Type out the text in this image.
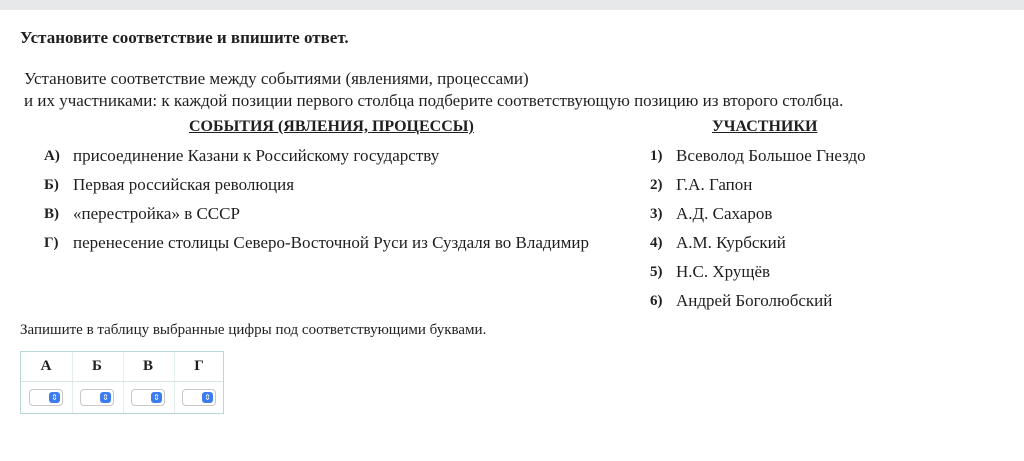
Установите соответствие и впишите ответ.
Установите соответствие между событиями (явлениями, процессами)
и их участниками: к каждой позиции первого столбца подберите соответствующую позицию из второго столбца.
СОБЫТИЯ (ЯВЛЕНИЯ, ПРОЦЕССЫ)	УЧАСТНИКИ
А) присоединение Казани к Российскому государству
Б) Первая российская революция
В) «перестройка» в СССР
Г) перенесение столицы Северо-Восточной Руси из Суздаля во Владимир
1) Всеволод Большое Гнездо
2) Г.А. Гапон
3) А.Д. Сахаров
4) А.М. Курбский
5) Н.С. Хрущёв
6) Андрей Боголюбский
Запишите в таблицу выбранные цифры под соответствующими буквами.
А	Б	В	Г
⇕	⇕	⇕	⇕
